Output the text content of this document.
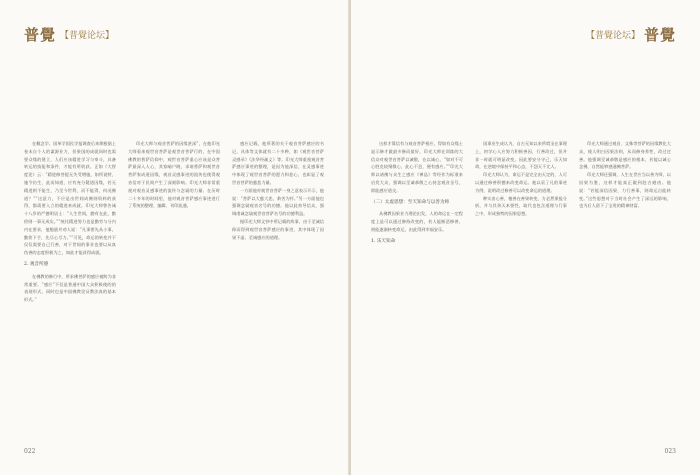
普覺 【普覺论坛】

在概念学。国单学国民学报调查后来期根据上卷末自个人的谋源业力，但果国的成就同时也需要众缘的建立，人们应该精进学习与奉斗，具备转运的技能和条件，才能有所收获。正如《大智度论》云：“精进修菩提无失受增施，如所说特，施令仿生，此而知道，应有充分疑道因缘，若无精进则不能生，乃至今世利，而不能得，何况佛道？”“这意力，不应是出世间成佛则资料的获得，都需要入立的精进来成就。印光大师曾告诫十八岁的严德明居士：“人生世间，勤有在此，勤俭则一事无成矣。”“统比精进努力也是勤劳与分内内在要求，他勉励并劝人说：“凡事要先从小事，勤俭下手，先尽心尽力。”“可见，命运的转变并不仅仅需要自己行善，对于世间的事业也要以从真伪善的态度积极为之，知此才能获得成就。

2. 观音所感

在佛教的修行中，所求佛菩萨的感应被跨为非常重要。“感应”不仅是普通中国大众积极使的的表现形式，同时也是中国佛教论证教法真的基本形式。”

印光大师与观音菩萨的因缘甚深”，在他印光大师看来观世音菩萨是观世音菩萨行的，在中国佛教的普萨信仰中，观世音菩萨重心应该是众菩萨最深入人心，其家喻户晓、求诸普萨和观世音菩萨家成道因缘，观音灵感事迹的流传也使得观音信对于民间产生了深刻影响。印光大师非常重视对观音灵感事迹的流传与念诵的力量。在历时二十多年的时间里，他对观音菩萨感应事迹进行了系统的整理、编辑、刊印流通。

感应记载，他所著的关于观音菩萨感应的书记，具体等文体就有二十多种，如《观世音菩萨灵感录》《法华经疏义》等。印光大师重视观音菩萨感应事迹的整理，是因为他深信，在灵感事迹中体现了观世音菩萨的愿力和悲心，也彰显了观世音菩萨的慈悲力量。

一方面他对观世音菩萨一身之意表示开示，他说：“菩萨以大慈大悲，救苦为怀。”另一方面他也强调念诵观音名号的功德。他以此劝导信众，强调虔诚念诵观世音菩萨名号的功德利益。

据印光大师文钞中所记载的故事，由于至诚信仰而得到观世音菩萨感应的事迹，其中体现了因果不虚、至诚感应的道理。

022
【普覺论坛】 普覺

这样才算信有与观音菩萨相应，得如有众缘士显示修才做最多修而最好，印光大师在训练的大信众对观世音菩萨以诚敬，在以诚心，“如对不可心胜克较聚敬心，此心不息，便有感应。”“印光大师以诸佛与众生之感应《禅品》等经作为标准来启发大众，强调以至诚恭敬之心持念观音圣号，即能感应道交。

（二）太虚思想：至天知命与以善为师

从佛教因果业力理论出发，人的命运在一定程度上是可以通过修持改变的，若人能断恶修善，则能逐渐转变命运，由此得到幸福安乐。

1. 乐天知命

国事业生成认为，自古无知以来所谓圣在事理上，初学心人应努力积极善因，行善改过，但并非一时就可明显改变。因此要安分守己，乐天知命，在逆境中保持平和心态，不怨天不尤人。

印光大师认为，命运不是完全由天定的，人可以通过修善积德来改变命运。他以袁了凡的事迹为例，说明改过修善可以改变命运的道理。

种实由心善，植善在善果转变，方必然果报分析，并与其余天本要性，取代也包含道理与行事之中，形成独特的因果思想。

印光大师通过观音、文殊等菩萨的因缘教化大众，使人明白因果法则，从而修身养性，改过迁善。他强调至诚恭敬是感应的根本，若能以诚心念佛，自然能够感通佛菩萨。

印光大师还强调，人生在世应当以善为师，以因果为鉴，这样才能真正做到趋吉避凶。他说：“若能深信因果，力行善事，则命运自能转变。”这些思想对于当时社会产生了深远的影响，也为后人留下了宝贵的精神财富。

023
